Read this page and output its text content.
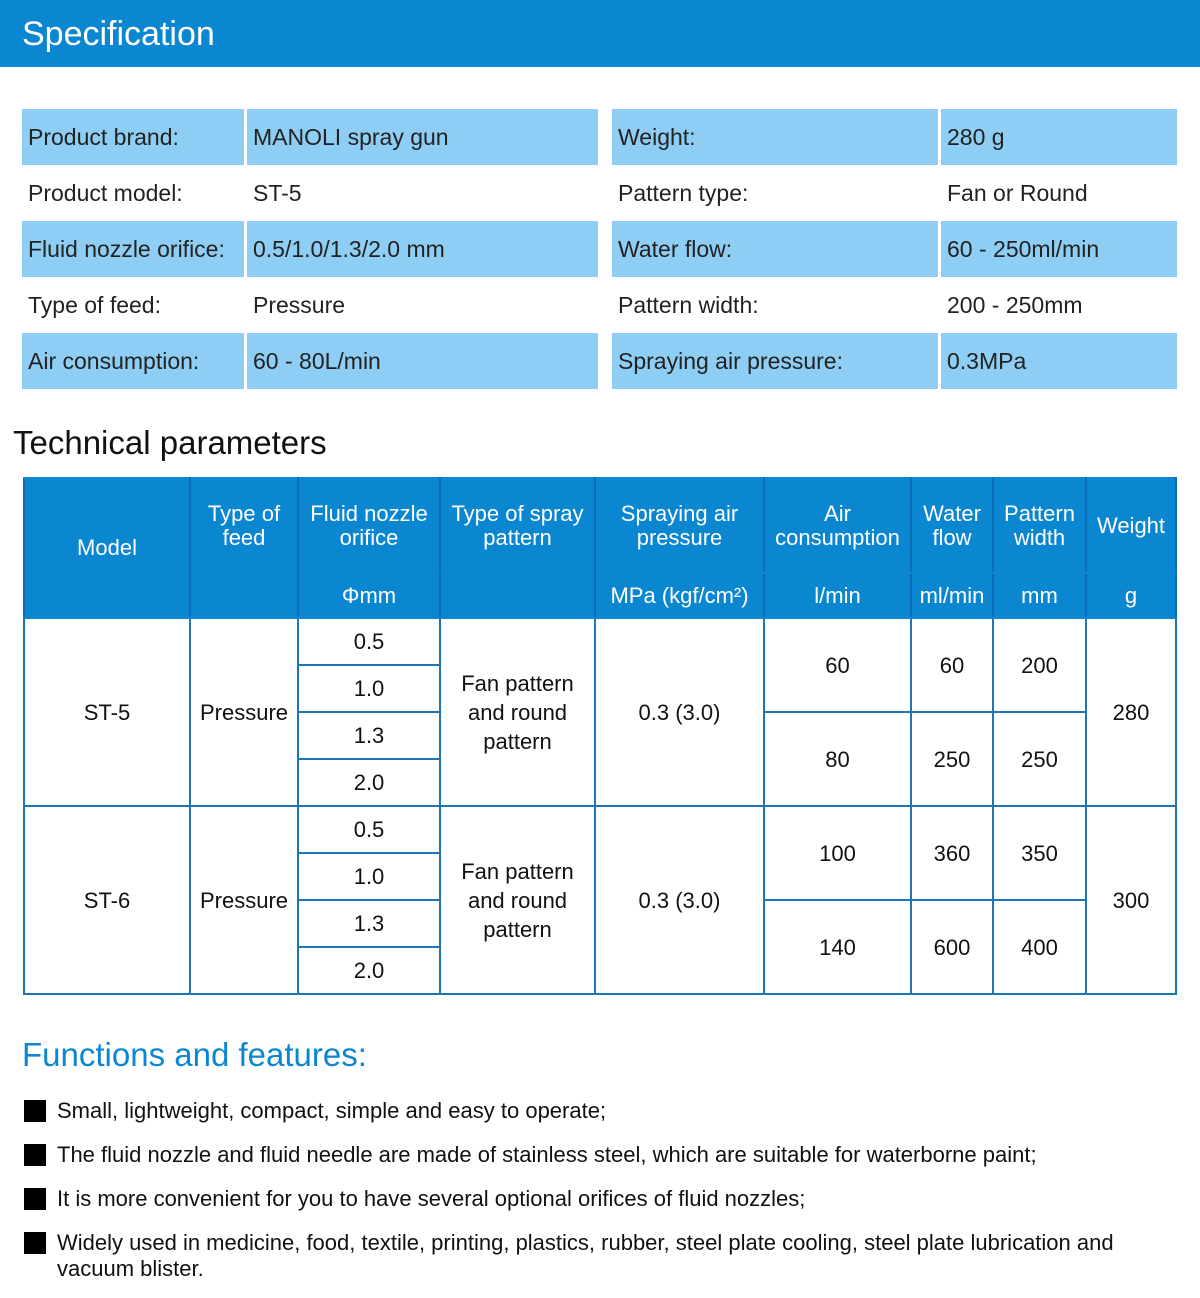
Specification
Product brand:	MANOLI spray gun
Product model:	ST-5
Fluid nozzle orifice:	0.5/1.0/1.3/2.0 mm
Type of feed:	Pressure
Air consumption:	60 - 80L/min
Weight:	280 g
Pattern type:	Fan or Round
Water flow:	60 - 250ml/min
Pattern width:	200 - 250mm
Spraying air pressure:	0.3MPa
Technical parameters
Model	Type of feed	Fluid nozzle orifice	Type of spray pattern	Spraying air pressure	Air consumption	Water flow	Pattern width	Weight
		Φmm		MPa (kgf/cm²)	l/min	ml/min	mm	g
ST-5	Pressure	0.5	Fan pattern and round pattern	0.3 (3.0)	60	60	200	280
		1.0						
		1.3			80	250	250	
		2.0						
ST-6	Pressure	0.5	Fan pattern and round pattern	0.3 (3.0)	100	360	350	300
		1.0						
		1.3			140	600	400	
		2.0						
Functions and features:
Small, lightweight, compact, simple and easy to operate;
The fluid nozzle and fluid needle are made of stainless steel, which are suitable for waterborne paint;
It is more convenient for you to have several optional orifices of fluid nozzles;
Widely used in medicine, food, textile, printing, plastics, rubber, steel plate cooling, steel plate lubrication and vacuum blister.
